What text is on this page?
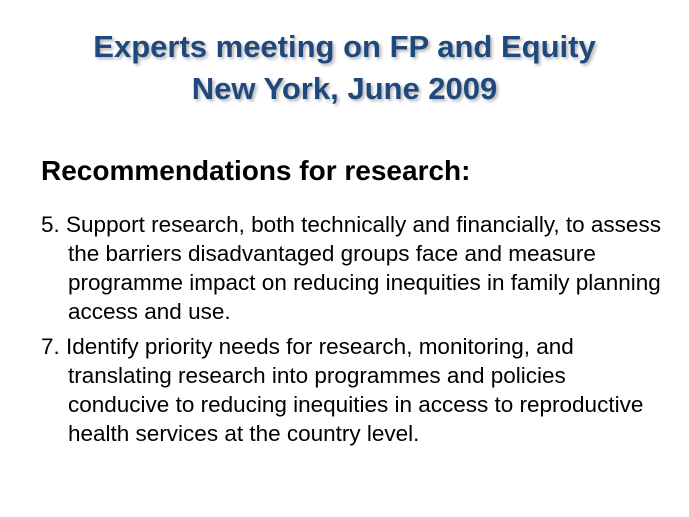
Experts meeting on FP and Equity
New York, June 2009
Recommendations for research:
5. Support research, both technically and financially, to assess the barriers disadvantaged groups face and measure programme impact on reducing inequities in family planning access and use.
7. Identify priority needs for research, monitoring, and translating research into programmes and policies conducive to reducing inequities in access to reproductive health services at the country level.
